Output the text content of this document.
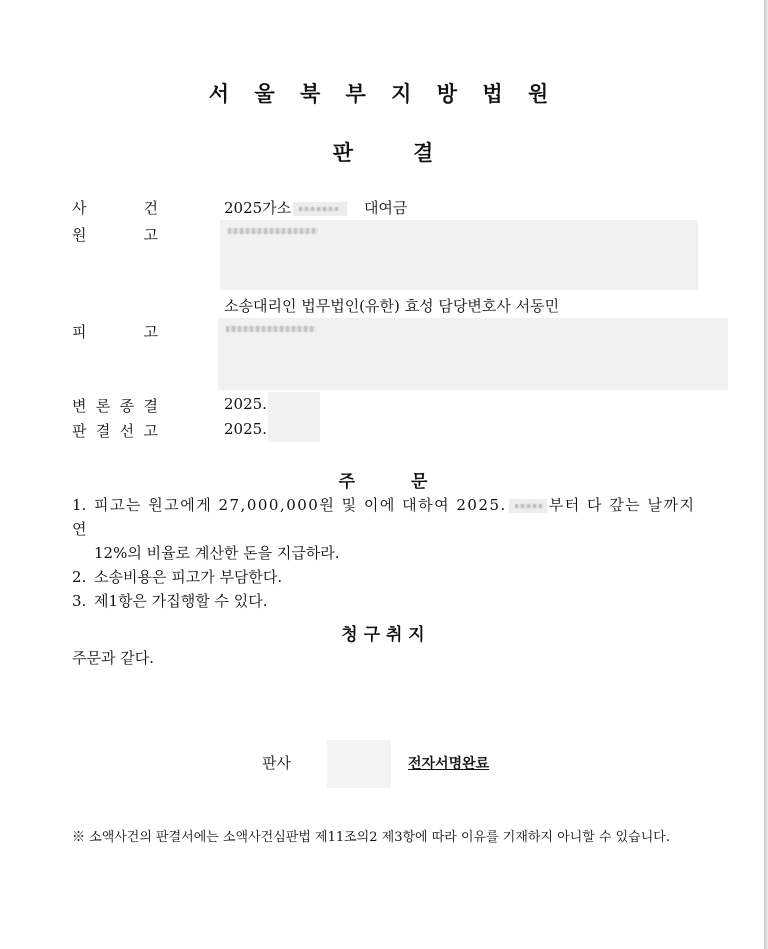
서 울 북 부 지 방 법 원
판	결
사	건	2025가소	대여금
원	고
소송대리인 법무법인(유한) 효성 담당변호사 서동민
피	고
변 론 종 결	2025.
판 결 선 고	2025.
주	문
1. 피고는 원고에게 27,000,000원 및 이에 대하여 2025.	부터 다 갚는 날까지 연
12%의 비율로 계산한 돈을 지급하라.
2. 소송비용은 피고가 부담한다.
3. 제1항은 가집행할 수 있다.
청 구 취 지
주문과 같다.
판사	전자서명완료
※ 소액사건의 판결서에는 소액사건심판법 제11조의2 제3항에 따라 이유를 기재하지 아니할 수 있습니다.
